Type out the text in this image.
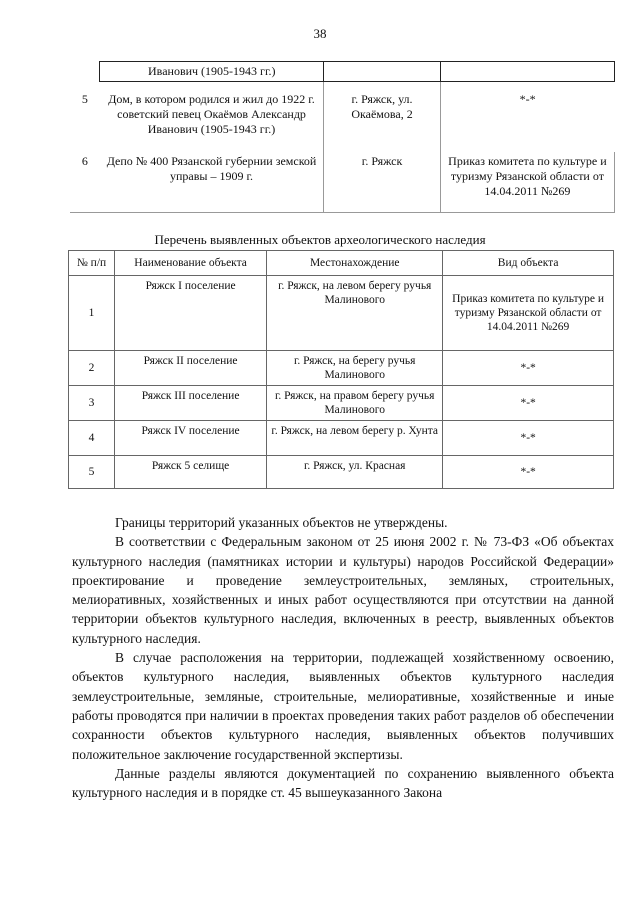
38
	Иванович (1905-1943 гг.)		
5	Дом, в котором родился и жил до 1922 г. советский певец Окаёмов Александр Иванович (1905-1943 гг.)	г. Ряжск, ул. Окаёмова, 2	*-*
6	Депо № 400 Рязанской губернии земской управы – 1909 г.	г. Ряжск	Приказ комитета по культуре и туризму Рязанской области от 14.04.2011 №269
Перечень выявленных объектов археологического наследия
№ п/п	Наименование объекта	Местонахождение	Вид объекта
1	Ряжск I поселение	г. Ряжск, на левом берегу ручья Малинового	Приказ комитета по культуре и туризму Рязанской области от 14.04.2011 №269
2	Ряжск II поселение	г. Ряжск, на берегу ручья Малинового	*-*
3	Ряжск III поселение	г. Ряжск, на правом берегу ручья Малинового	*-*
4	Ряжск IV поселение	г. Ряжск, на левом берегу р. Хунта	*-*
5	Ряжск 5 селище	г. Ряжск, ул. Красная	*-*

Границы территорий указанных объектов не утверждены.

В соответствии с Федеральным законом от 25 июня 2002 г. № 73-ФЗ «Об объектах культурного наследия (памятниках истории и культуры) народов Российской Федерации» проектирование и проведение землеустроительных, земляных, строительных, мелиоративных, хозяйственных и иных работ осуществляются при отсутствии на данной территории объектов культурного наследия, включенных в реестр, выявленных объектов культурного наследия.

В случае расположения на территории, подлежащей хозяйственному освоению, объектов культурного наследия, выявленных объектов культурного наследия землеустроительные, земляные, строительные, мелиоративные, хозяйственные и иные работы проводятся при наличии в проектах проведения таких работ разделов об обеспечении сохранности объектов культурного наследия, выявленных объектов получивших положительное заключение государственной экспертизы.

Данные разделы являются документацией по сохранению выявленного объекта культурного наследия и в порядке ст. 45 вышеуказанного Закона
